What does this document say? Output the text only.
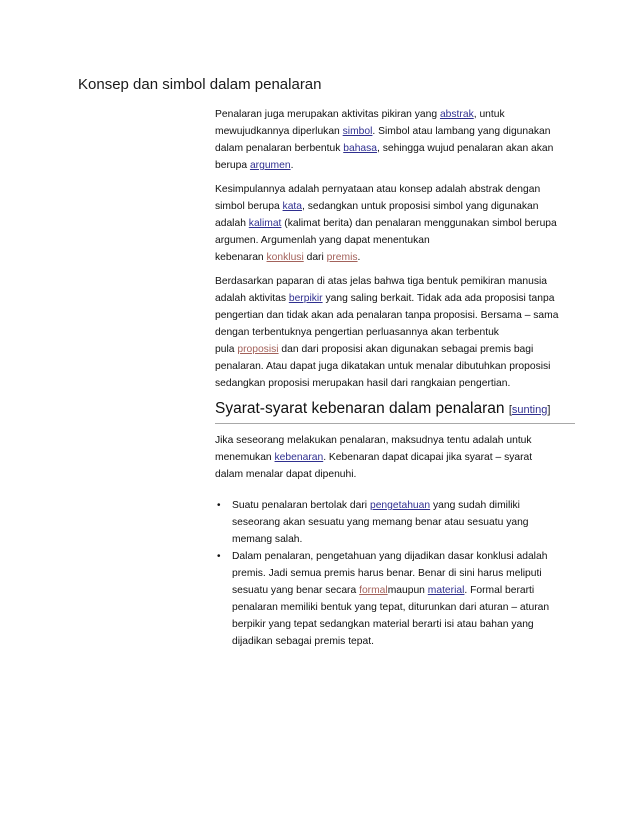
Konsep dan simbol dalam penalaran

Penalaran juga merupakan aktivitas pikiran yang abstrak, untuk
mewujudkannya diperlukan simbol. Simbol atau lambang yang digunakan
dalam penalaran berbentuk bahasa, sehingga wujud penalaran akan akan
berupa argumen.

Kesimpulannya adalah pernyataan atau konsep adalah abstrak dengan
simbol berupa kata, sedangkan untuk proposisi simbol yang digunakan
adalah kalimat (kalimat berita) dan penalaran menggunakan simbol berupa
argumen. Argumenlah yang dapat menentukan
kebenaran konklusi dari premis.

Berdasarkan paparan di atas jelas bahwa tiga bentuk pemikiran manusia
adalah aktivitas berpikir yang saling berkait. Tidak ada ada proposisi tanpa
pengertian dan tidak akan ada penalaran tanpa proposisi. Bersama – sama
dengan terbentuknya pengertian perluasannya akan terbentuk
pula proposisi dan dari proposisi akan digunakan sebagai premis bagi
penalaran. Atau dapat juga dikatakan untuk menalar dibutuhkan proposisi
sedangkan proposisi merupakan hasil dari rangkaian pengertian.

Syarat-syarat kebenaran dalam penalaran [sunting]

Jika seseorang melakukan penalaran, maksudnya tentu adalah untuk
menemukan kebenaran. Kebenaran dapat dicapai jika syarat – syarat
dalam menalar dapat dipenuhi.

• Suatu penalaran bertolak dari pengetahuan yang sudah dimiliki
seseorang akan sesuatu yang memang benar atau sesuatu yang
memang salah.
• Dalam penalaran, pengetahuan yang dijadikan dasar konklusi adalah
premis. Jadi semua premis harus benar. Benar di sini harus meliputi
sesuatu yang benar secara formalmaupun material. Formal berarti
penalaran memiliki bentuk yang tepat, diturunkan dari aturan – aturan
berpikir yang tepat sedangkan material berarti isi atau bahan yang
dijadikan sebagai premis tepat.
